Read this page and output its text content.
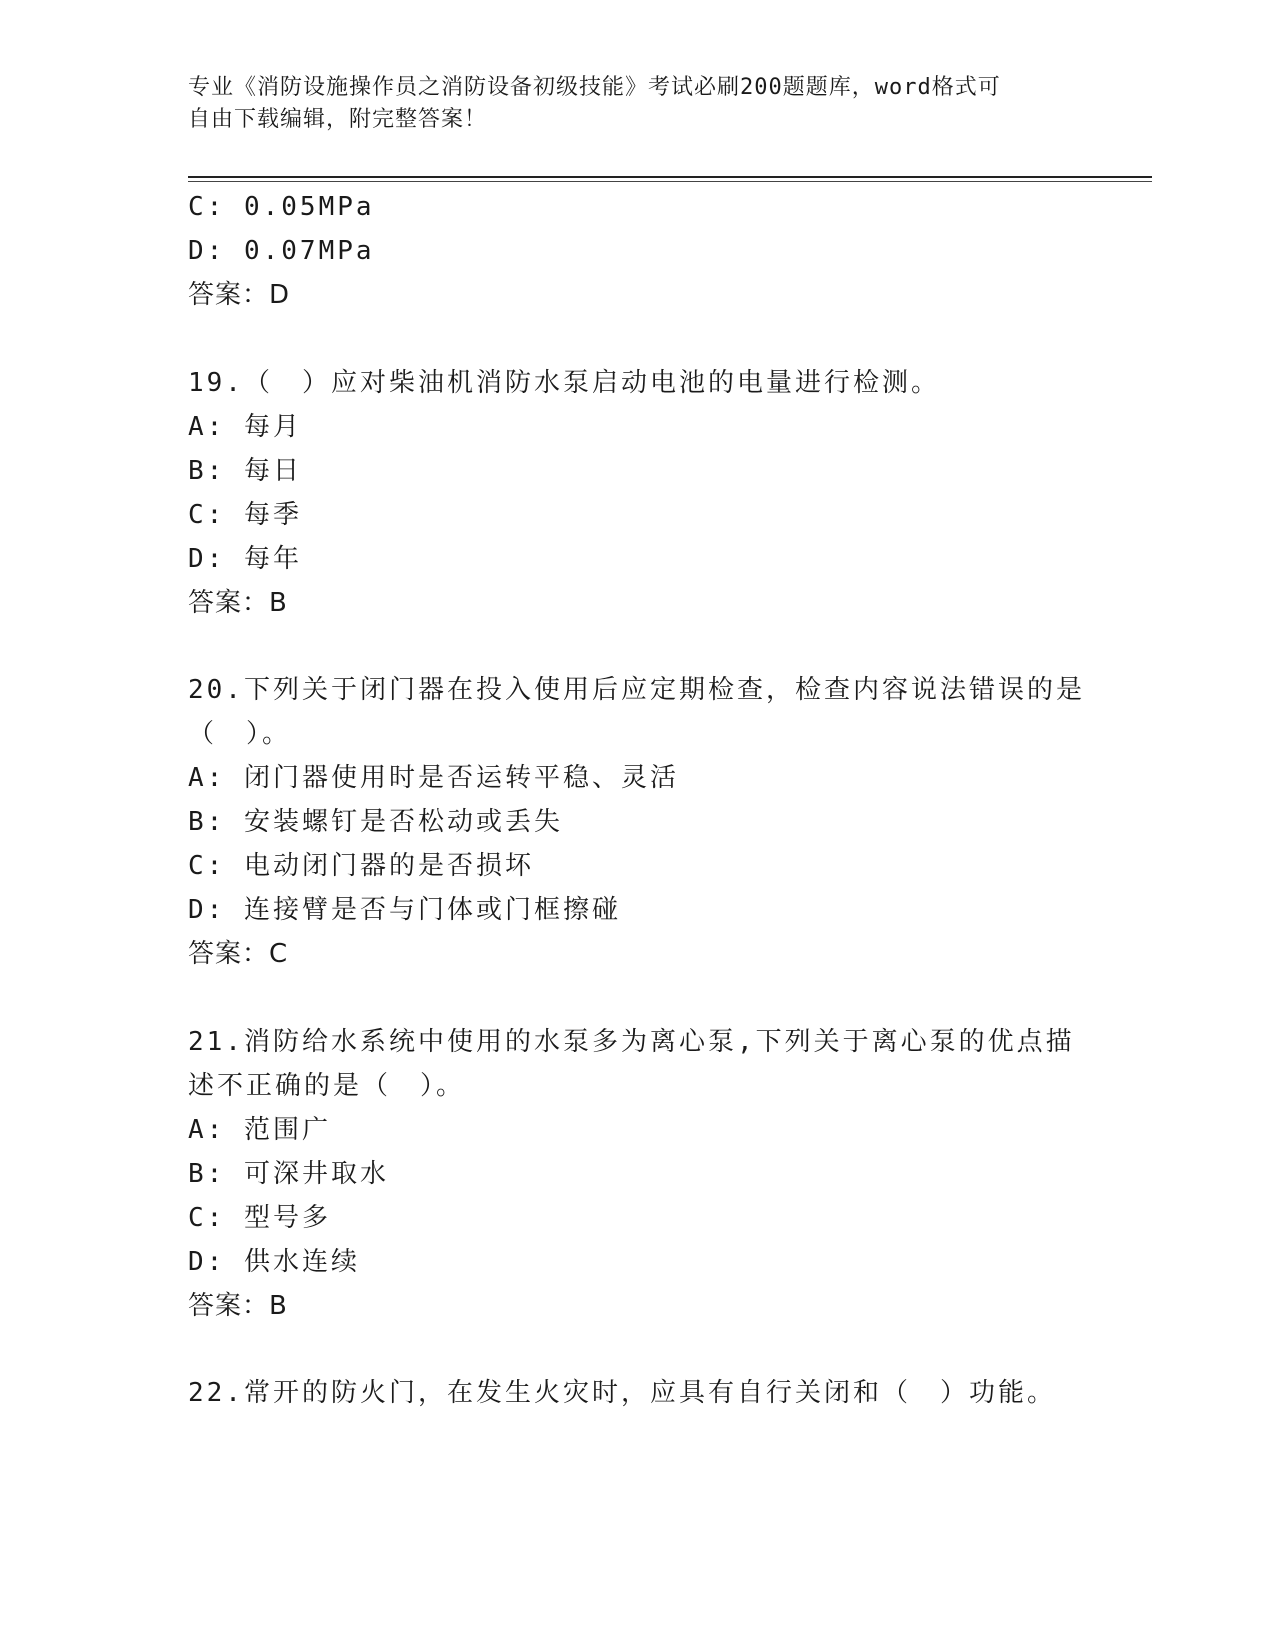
专业《消防设施操作员之消防设备初级技能》考试必刷200题题库，word格式可
自由下载编辑，附完整答案！
C: 0.05MPa
D: 0.07MPa
答案：D
19.（　）应对柴油机消防水泵启动电池的电量进行检测。
A: 每月
B: 每日
C: 每季
D: 每年
答案：B
20.下列关于闭门器在投入使用后应定期检查，检查内容说法错误的是
（　）。
A: 闭门器使用时是否运转平稳、灵活
B: 安装螺钉是否松动或丢失
C: 电动闭门器的是否损坏
D: 连接臂是否与门体或门框擦碰
答案：C
21.消防给水系统中使用的水泵多为离心泵,下列关于离心泵的优点描
述不正确的是（　）。
A: 范围广
B: 可深井取水
C: 型号多
D: 供水连续
答案：B
22.常开的防火门，在发生火灾时，应具有自行关闭和（　）功能。
